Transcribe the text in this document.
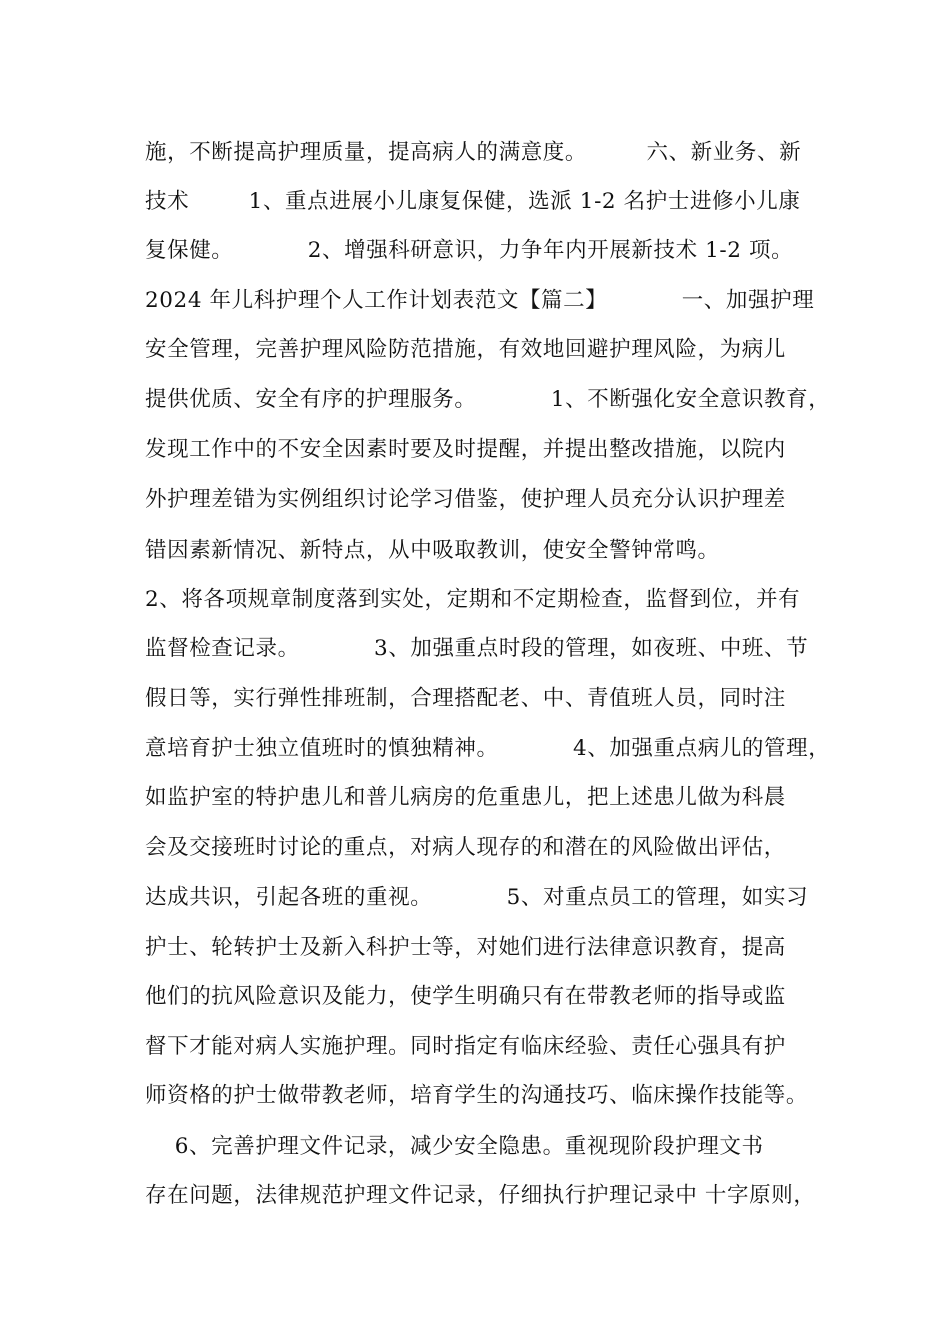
施，不断提高护理质量，提高病人的满意度。        六、新业务、新
技术        1、重点进展小儿康复保健，选派 1-2 名护士进修小儿康
复保健。          2、增强科研意识，力争年内开展新技术 1-2 项。
2024 年儿科护理个人工作计划表范文【篇二】          一、加强护理
安全管理，完善护理风险防范措施，有效地回避护理风险，为病儿
提供优质、安全有序的护理服务。          1、不断强化安全意识教育，
发现工作中的不安全因素时要及时提醒，并提出整改措施，以院内
外护理差错为实例组织讨论学习借鉴，使护理人员充分认识护理差
错因素新情况、新特点，从中吸取教训，使安全警钟常鸣。
2、将各项规章制度落到实处，定期和不定期检查，监督到位，并有
监督检查记录。          3、加强重点时段的管理，如夜班、中班、节
假日等，实行弹性排班制，合理搭配老、中、青值班人员，同时注
意培育护士独立值班时的慎独精神。          4、加强重点病儿的管理，
如监护室的特护患儿和普儿病房的危重患儿，把上述患儿做为科晨
会及交接班时讨论的重点，对病人现存的和潜在的风险做出评估，
达成共识，引起各班的重视。          5、对重点员工的管理，如实习
护士、轮转护士及新入科护士等，对她们进行法律意识教育，提高
他们的抗风险意识及能力，使学生明确只有在带教老师的指导或监
督下才能对病人实施护理。同时指定有临床经验、责任心强具有护
师资格的护士做带教老师，培育学生的沟通技巧、临床操作技能等。
6、完善护理文件记录，减少安全隐患。重视现阶段护理文书
存在问题，法律规范护理文件记录，仔细执行护理记录中 十字原则，
